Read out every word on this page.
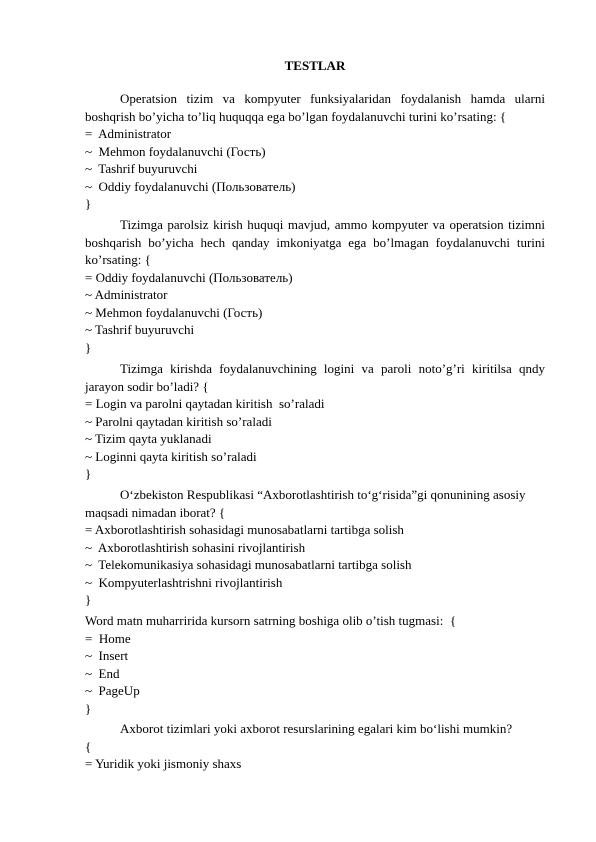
TESTLAR

Operatsion tizim va kompyuter funksiyalaridan foydalanish hamda ularni boshqrish bo’yicha to’liq huquqqa ega bo’lgan foydalanuvchi turini ko’rsating: {

=  Administrator

~  Mehmon foydalanuvchi (Гость)

~  Tashrif buyuruvchi

~  Oddiy foydalanuvchi (Пользователь)

}

Tizimga parolsiz kirish huquqi mavjud, ammo kompyuter va operatsion tizimni boshqarish bo’yicha hech qanday imkoniyatga ega bo’lmagan foydalanuvchi turini ko’rsating: {

= Oddiy foydalanuvchi (Пользователь)

~ Administrator

~ Mehmon foydalanuvchi (Гость)

~ Tashrif buyuruvchi

}

Tizimga kirishda foydalanuvchining logini va paroli noto’g’ri kiritilsa qndy jarayon sodir bo’ladi? {

= Login va parolni qaytadan kiritish  so’raladi

~ Parolni qaytadan kiritish so’raladi

~ Tizim qayta yuklanadi

~ Loginni qayta kiritish so’raladi

}

O‘zbekiston Respublikasi “Axborotlashtirish to‘g‘risida”gi qonunining asosiy maqsadi nimadan iborat? {

= Axborotlashtirish sohasidagi munosabatlarni tartibga solish

~  Axborotlashtirish sohasini rivojlantirish

~  Telekomunikasiya sohasidagi munosabatlarni tartibga solish

~  Kompyuterlashtrishni rivojlantirish

}

Word matn muharririda kursorn satrning boshiga olib o’tish tugmasi:  {

=  Home

~  Insert

~  End

~  PageUp

}

Axborot tizimlari yoki axborot resurslarining egalari kim bo‘lishi mumkin?

{

= Yuridik yoki jismoniy shaxs
